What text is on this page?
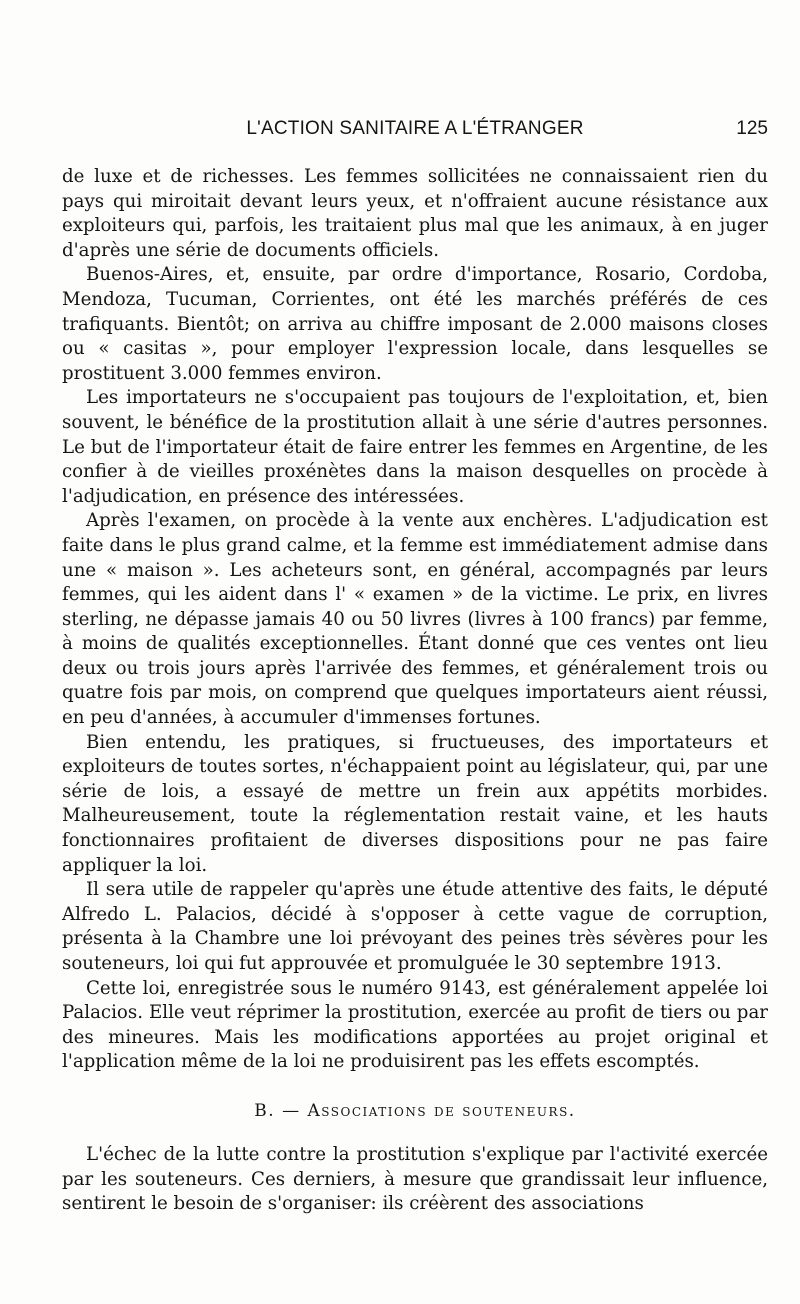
L'ACTION SANITAIRE A L'ÉTRANGER	125

de luxe et de richesses. Les femmes sollicitées ne connaissaient rien du pays qui miroitait devant leurs yeux, et n'offraient aucune résistance aux exploiteurs qui, parfois, les traitaient plus mal que les animaux, à en juger d'après une série de documents officiels.

Buenos-Aires, et, ensuite, par ordre d'importance, Rosario, Cordoba, Mendoza, Tucuman, Corrientes, ont été les marchés préférés de ces trafiquants. Bientôt; on arriva au chiffre imposant de 2.000 maisons closes ou « casitas », pour employer l'expression locale, dans lesquelles se prostituent 3.000 femmes environ.

Les importateurs ne s'occupaient pas toujours de l'exploitation, et, bien souvent, le bénéfice de la prostitution allait à une série d'autres personnes. Le but de l'importateur était de faire entrer les femmes en Argentine, de les confier à de vieilles proxénètes dans la maison desquelles on procède à l'adjudication, en présence des intéressées.

Après l'examen, on procède à la vente aux enchères. L'adjudication est faite dans le plus grand calme, et la femme est immédiatement admise dans une « maison ». Les acheteurs sont, en général, accompagnés par leurs femmes, qui les aident dans l' « examen » de la victime. Le prix, en livres sterling, ne dépasse jamais 40 ou 50 livres (livres à 100 francs) par femme, à moins de qualités exceptionnelles. Étant donné que ces ventes ont lieu deux ou trois jours après l'arrivée des femmes, et généralement trois ou quatre fois par mois, on comprend que quelques importateurs aient réussi, en peu d'années, à accumuler d'immenses fortunes.

Bien entendu, les pratiques, si fructueuses, des importateurs et exploiteurs de toutes sortes, n'échappaient point au législateur, qui, par une série de lois, a essayé de mettre un frein aux appétits morbides. Malheureusement, toute la réglementation restait vaine, et les hauts fonctionnaires profitaient de diverses dispositions pour ne pas faire appliquer la loi.

Il sera utile de rappeler qu'après une étude attentive des faits, le député Alfredo L. Palacios, décidé à s'opposer à cette vague de corruption, présenta à la Chambre une loi prévoyant des peines très sévères pour les souteneurs, loi qui fut approuvée et promulguée le 30 septembre 1913.

Cette loi, enregistrée sous le numéro 9143, est généralement appelée loi Palacios. Elle veut réprimer la prostitution, exercée au profit de tiers ou par des mineures. Mais les modifications apportées au projet original et l'application même de la loi ne produisirent pas les effets escomptés.

B. — Associations de souteneurs.

L'échec de la lutte contre la prostitution s'explique par l'activité exercée par les souteneurs. Ces derniers, à mesure que grandissait leur influence, sentirent le besoin de s'organiser: ils créèrent des associations
